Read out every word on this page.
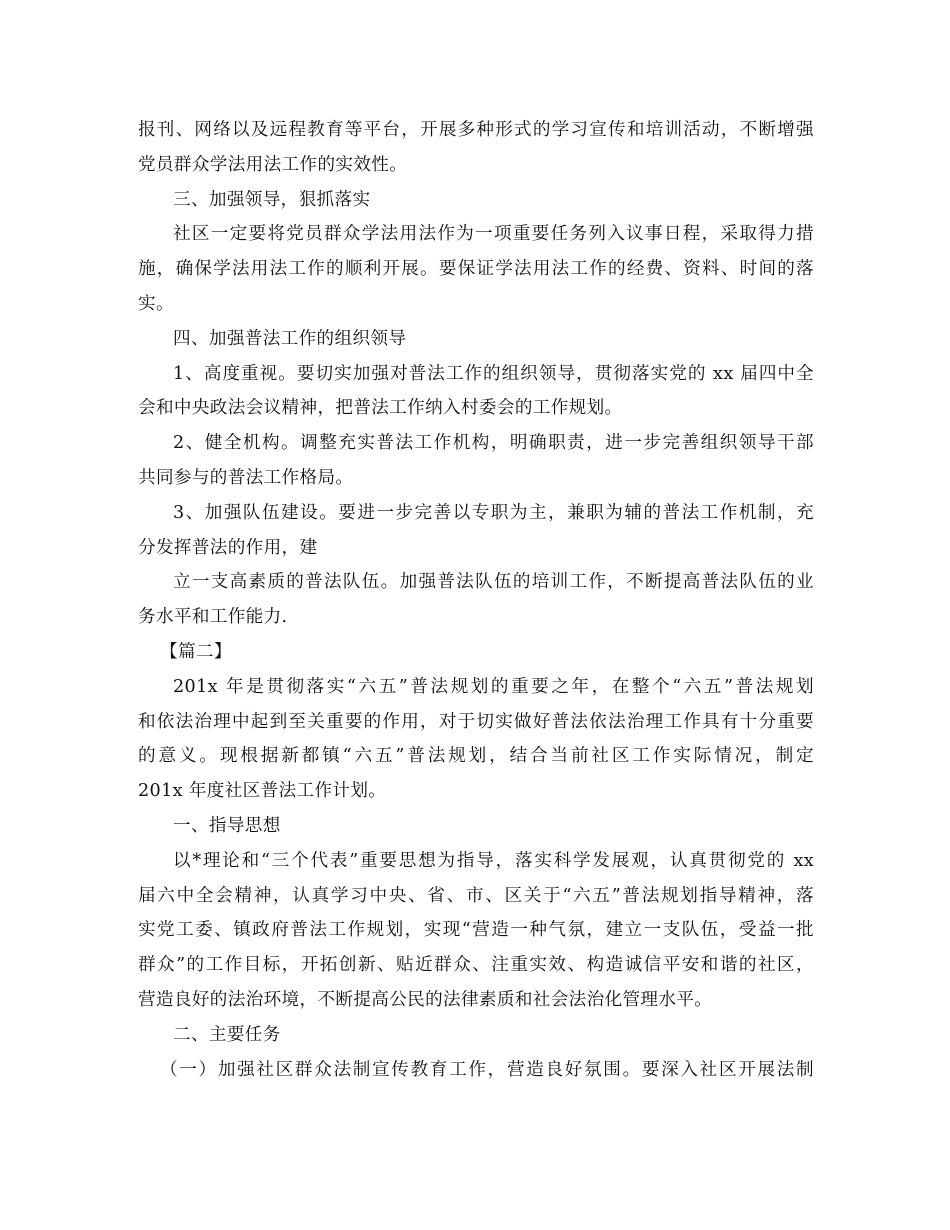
报刊、网络以及远程教育等平台，开展多种形式的学习宣传和培训活动，不断增强
党员群众学法用法工作的实效性。
三、加强领导，狠抓落实
社区一定要将党员群众学法用法作为一项重要任务列入议事日程，采取得力措
施，确保学法用法工作的顺利开展。要保证学法用法工作的经费、资料、时间的落
实。
四、加强普法工作的组织领导
1、高度重视。要切实加强对普法工作的组织领导，贯彻落实党的 xx 届四中全
会和中央政法会议精神，把普法工作纳入村委会的工作规划。
2、健全机构。调整充实普法工作机构，明确职责，进一步完善组织领导干部
共同参与的普法工作格局。
3、加强队伍建设。要进一步完善以专职为主，兼职为辅的普法工作机制，充
分发挥普法的作用，建
立一支高素质的普法队伍。加强普法队伍的培训工作，不断提高普法队伍的业
务水平和工作能力.
【篇二】
201x 年是贯彻落实“六五”普法规划的重要之年，在整个“六五”普法规划
和依法治理中起到至关重要的作用，对于切实做好普法依法治理工作具有十分重要
的意义。现根据新都镇“六五”普法规划，结合当前社区工作实际情况，制定
201x 年度社区普法工作计划。
一、指导思想
以*理论和“三个代表”重要思想为指导，落实科学发展观，认真贯彻党的 xx
届六中全会精神，认真学习中央、省、市、区关于“六五”普法规划指导精神，落
实党工委、镇政府普法工作规划，实现“营造一种气氛，建立一支队伍，受益一批
群众”的工作目标，开拓创新、贴近群众、注重实效、构造诚信平安和谐的社区，
营造良好的法治环境，不断提高公民的法律素质和社会法治化管理水平。
二、主要任务
（一）加强社区群众法制宣传教育工作，营造良好氛围。要深入社区开展法制
